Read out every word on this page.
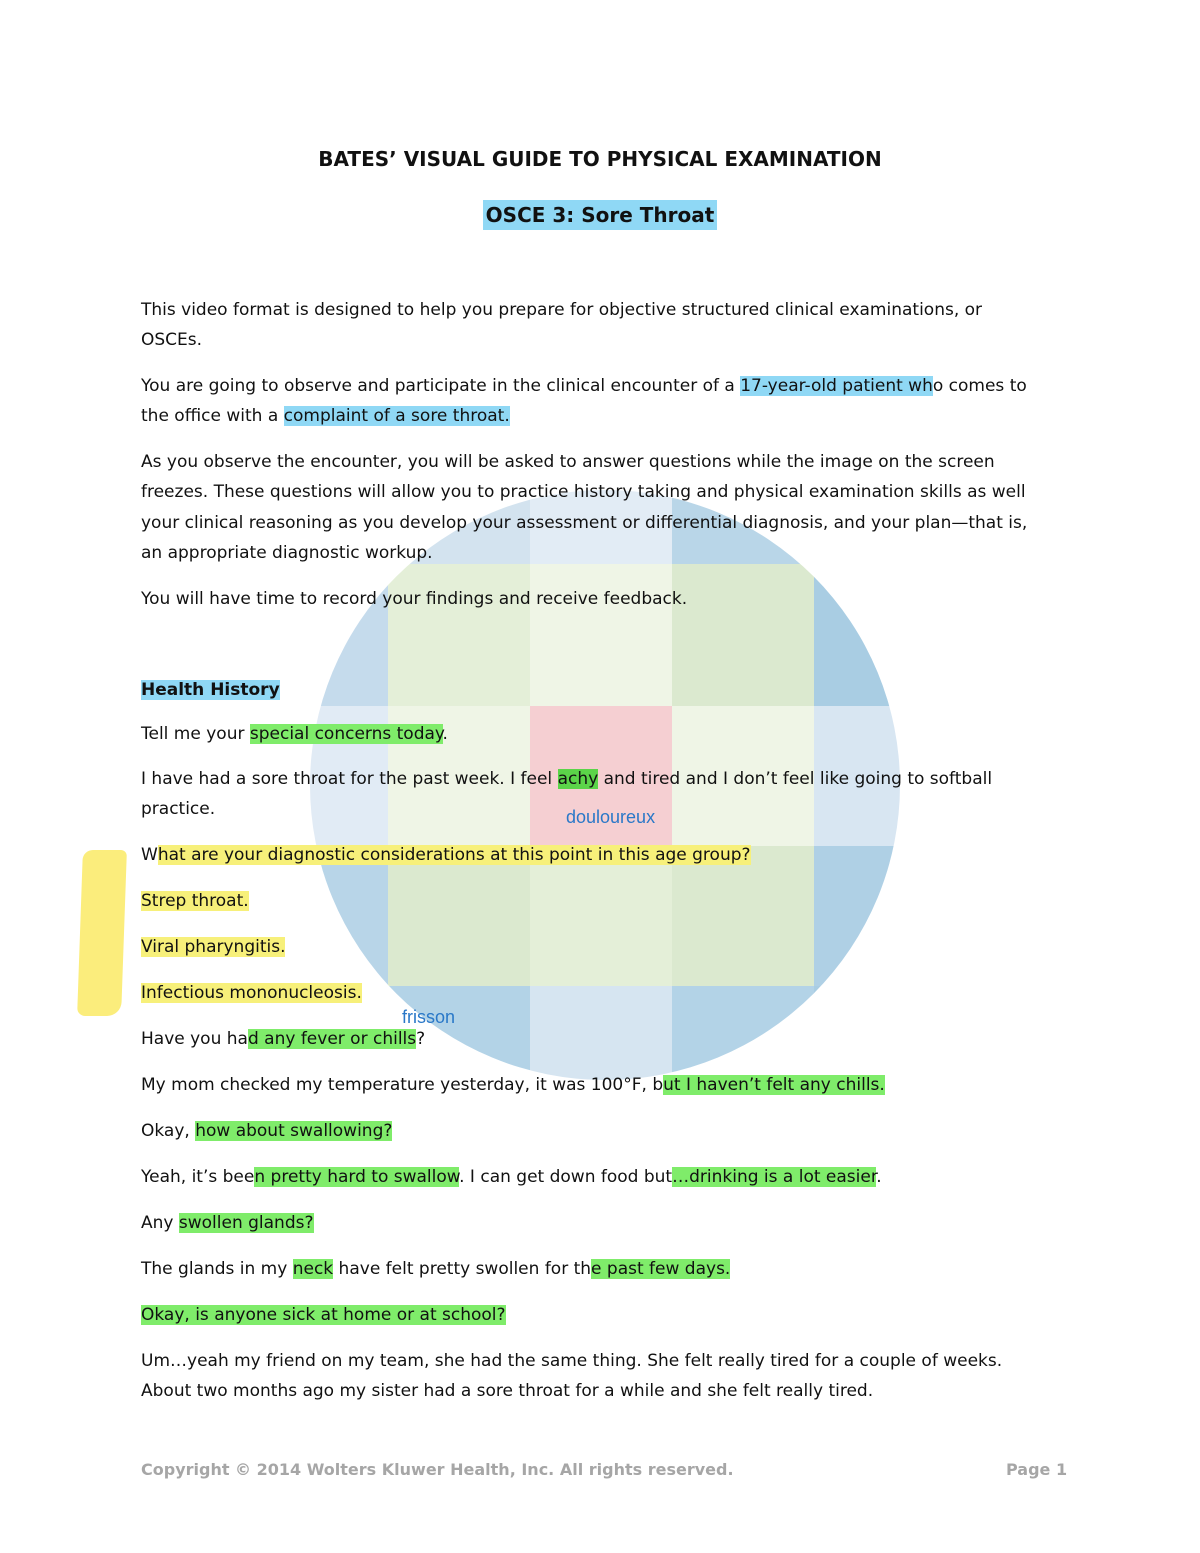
BATES’ VISUAL GUIDE TO PHYSICAL EXAMINATION
OSCE 3: Sore Throat
This video format is designed to help you prepare for objective structured clinical examinations, or
OSCEs.
You are going to observe and participate in the clinical encounter of a 17-year-old patient who comes to
the office with a complaint of a sore throat.
As you observe the encounter, you will be asked to answer questions while the image on the screen
freezes. These questions will allow you to practice history taking and physical examination skills as well
your clinical reasoning as you develop your assessment or differential diagnosis, and your plan—that is,
an appropriate diagnostic workup.
You will have time to record your findings and receive feedback.
Health History
Tell me your special concerns today.
I have had a sore throat for the past week. I feel achy and tired and I don’t feel like going to softball
practice.	douloureux
What are your diagnostic considerations at this point in this age group?
Strep throat.
Viral pharyngitis.
Infectious mononucleosis.
frisson
Have you had any fever or chills?
My mom checked my temperature yesterday, it was 100°F, but I haven’t felt any chills.
Okay, how about swallowing?
Yeah, it’s been pretty hard to swallow. I can get down food but…drinking is a lot easier.
Any swollen glands?
The glands in my neck have felt pretty swollen for the past few days.
Okay, is anyone sick at home or at school?
Um…yeah my friend on my team, she had the same thing. She felt really tired for a couple of weeks.
About two months ago my sister had a sore throat for a while and she felt really tired.
Copyright © 2014 Wolters Kluwer Health, Inc. All rights reserved.	Page 1
